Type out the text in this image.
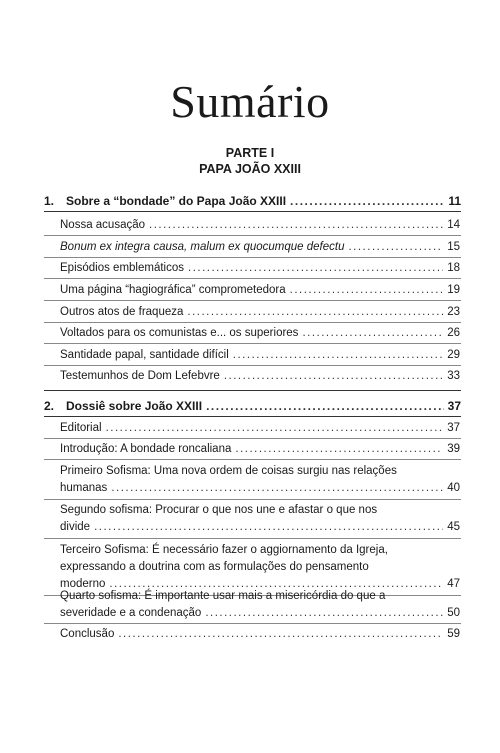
Sumário
PARTE I
PAPA JOÃO XXIII
1. Sobre a “bondade” do Papa João XXIII .....	11
Nossa acusação .....	14
Bonum ex integra causa, malum ex quocumque defectu .....	15
Episódios emblemáticos .....	18
Uma página “hagiográfica” comprometedora .....	19
Outros atos de fraqueza .....	23
Voltados para os comunistas e... os superiores .....	26
Santidade papal, santidade difícil .....	29
Testemunhos de Dom Lefebvre .....	33
2. Dossiê sobre João XXIII .....	37
Editorial .....	37
Introdução: A bondade roncaliana .....	39
Primeiro Sofisma: Uma nova ordem de coisas surgiu nas relações
humanas .....	40
Segundo sofisma: Procurar o que nos une e afastar o que nos
divide .....	45
Terceiro Sofisma: É necessário fazer o aggiornamento da Igreja,
expressando a doutrina com as formulações do pensamento
moderno .....	47
Quarto sofisma: É importante usar mais a misericórdia do que a
severidade e a condenação .....	50
Conclusão .....	59
